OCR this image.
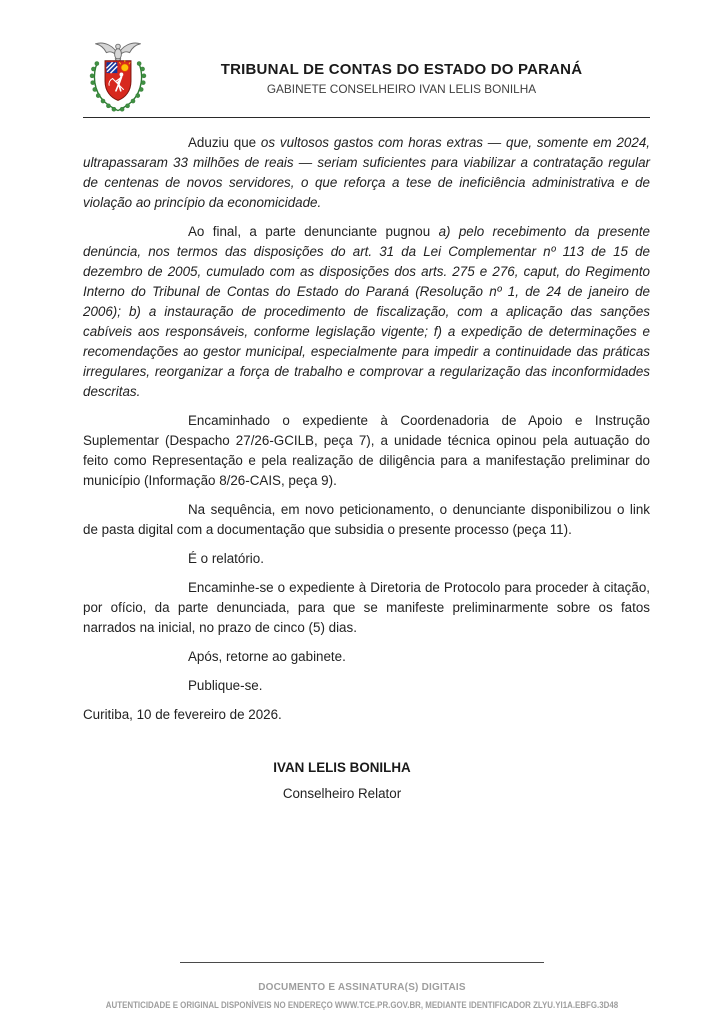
TRIBUNAL DE CONTAS DO ESTADO DO PARANÁ
GABINETE CONSELHEIRO IVAN LELIS BONILHA

Aduziu que os vultosos gastos com horas extras — que, somente em 2024, ultrapassaram 33 milhões de reais — seriam suficientes para viabilizar a contratação regular de centenas de novos servidores, o que reforça a tese de ineficiência administrativa e de violação ao princípio da economicidade.

Ao final, a parte denunciante pugnou a) pelo recebimento da presente denúncia, nos termos das disposições do art. 31 da Lei Complementar nº 113 de 15 de dezembro de 2005, cumulado com as disposições dos arts. 275 e 276, caput, do Regimento Interno do Tribunal de Contas do Estado do Paraná (Resolução nº 1, de 24 de janeiro de 2006); b) a instauração de procedimento de fiscalização, com a aplicação das sanções cabíveis aos responsáveis, conforme legislação vigente; f) a expedição de determinações e recomendações ao gestor municipal, especialmente para impedir a continuidade das práticas irregulares, reorganizar a força de trabalho e comprovar a regularização das inconformidades descritas.

Encaminhado o expediente à Coordenadoria de Apoio e Instrução Suplementar (Despacho 27/26-GCILB, peça 7), a unidade técnica opinou pela autuação do feito como Representação e pela realização de diligência para a manifestação preliminar do município (Informação 8/26-CAIS, peça 9).

Na sequência, em novo peticionamento, o denunciante disponibilizou o link de pasta digital com a documentação que subsidia o presente processo (peça 11).

É o relatório.

Encaminhe-se o expediente à Diretoria de Protocolo para proceder à citação, por ofício, da parte denunciada, para que se manifeste preliminarmente sobre os fatos narrados na inicial, no prazo de cinco (5) dias.

Após, retorne ao gabinete.

Publique-se.

Curitiba, 10 de fevereiro de 2026.

IVAN LELIS BONILHA
Conselheiro Relator
DOCUMENTO E ASSINATURA(S) DIGITAIS
AUTENTICIDADE E ORIGINAL DISPONÍVEIS NO ENDEREÇO WWW.TCE.PR.GOV.BR, MEDIANTE IDENTIFICADOR ZLYU.YI1A.EBFG.3D48
